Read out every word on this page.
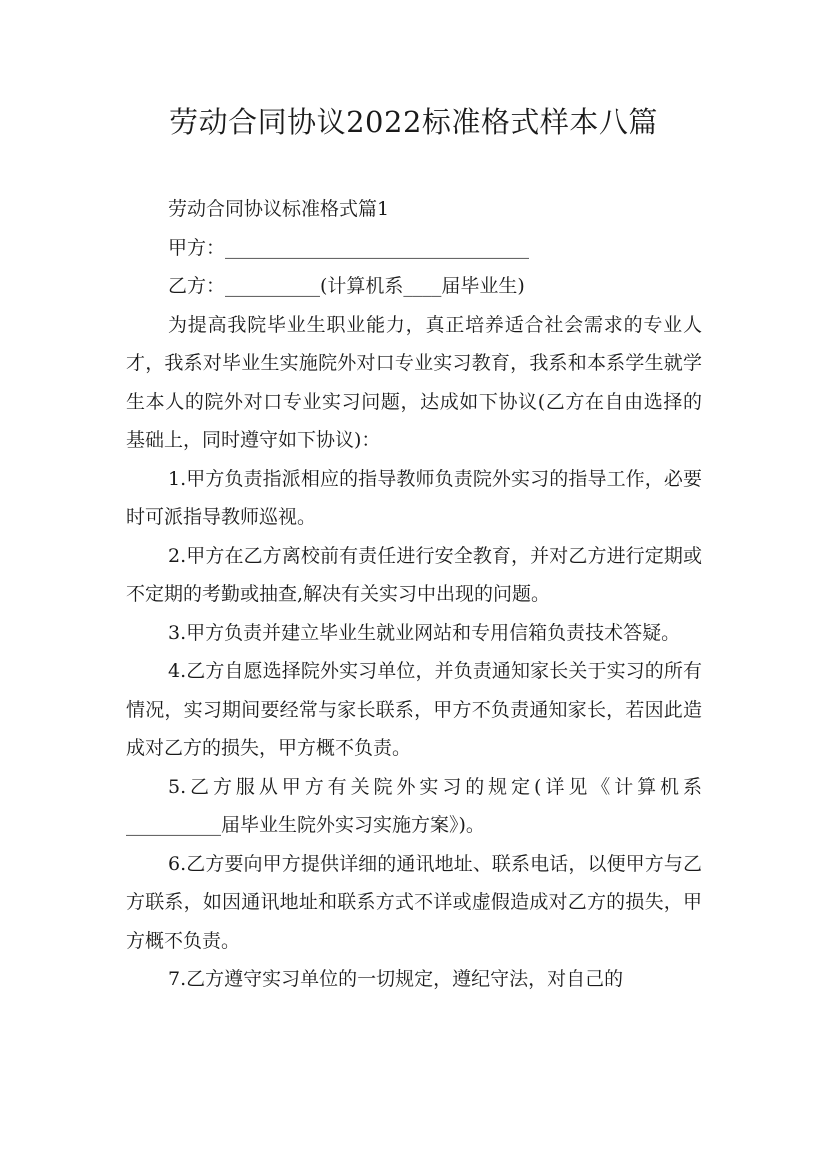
劳动合同协议2022标准格式样本八篇

劳动合同协议标准格式篇1

甲方：________________________________

乙方：__________(计算机系____届毕业生)

为提高我院毕业生职业能力，真正培养适合社会需求的专业人才，我系对毕业生实施院外对口专业实习教育，我系和本系学生就学生本人的院外对口专业实习问题，达成如下协议(乙方在自由选择的基础上，同时遵守如下协议)：

1.甲方负责指派相应的指导教师负责院外实习的指导工作，必要时可派指导教师巡视。

2.甲方在乙方离校前有责任进行安全教育，并对乙方进行定期或不定期的考勤或抽查,解决有关实习中出现的问题。

3.甲方负责并建立毕业生就业网站和专用信箱负责技术答疑。

4.乙方自愿选择院外实习单位，并负责通知家长关于实习的所有情况，实习期间要经常与家长联系，甲方不负责通知家长，若因此造成对乙方的损失，甲方概不负责。

5.乙方服从甲方有关院外实习的规定(详见《计算机系__________届毕业生院外实习实施方案》)。

6.乙方要向甲方提供详细的通讯地址、联系电话，以便甲方与乙方联系，如因通讯地址和联系方式不详或虚假造成对乙方的损失，甲方概不负责。

7.乙方遵守实习单位的一切规定，遵纪守法，对自己的
